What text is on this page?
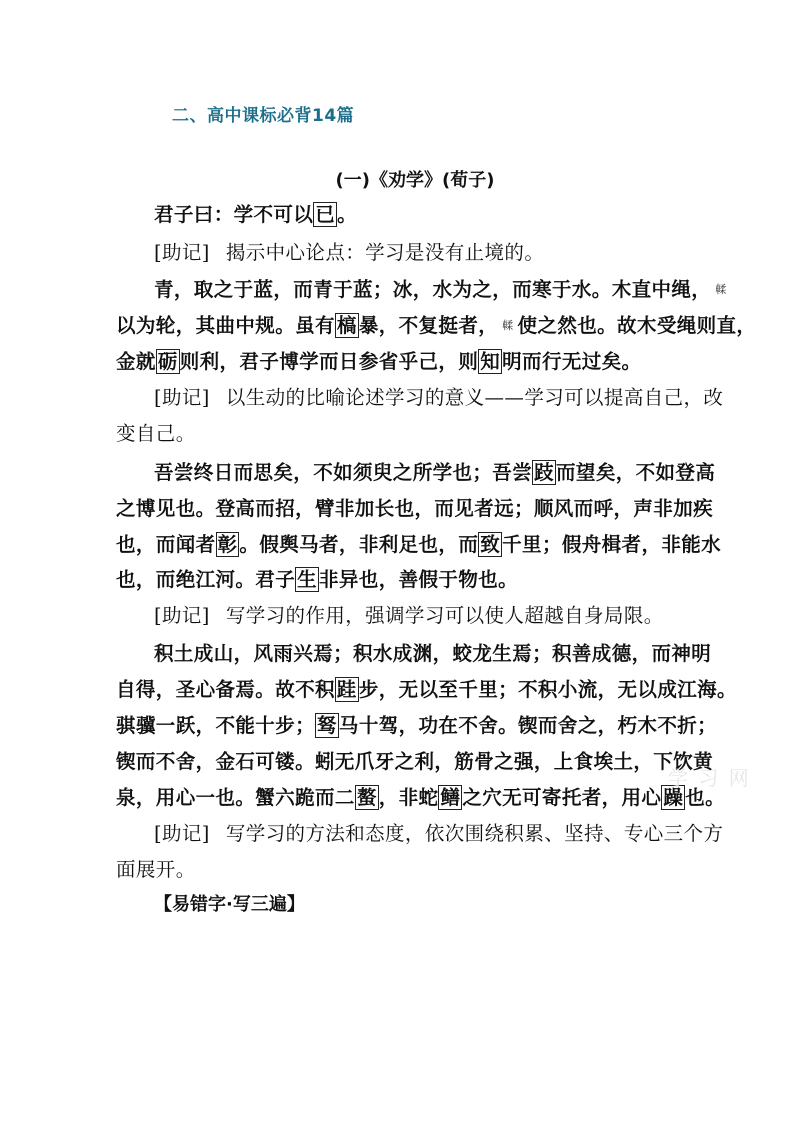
二、高中课标必背14篇
(一)《劝学》(荀子)
君子曰：学不可以 已 。
[助记] 揭示中心论点：学习是没有止境的。
青，取之于蓝，而青于蓝；冰，水为之，而寒于水。木直中绳， 輮
以为轮，其曲中规。虽有 槁 暴，不复挺者， 輮 使之然也。故木受绳则直，
金就 砺 则利，君子博学而日参省乎己，则 知 明而行无过矣。
[助记] 以生动的比喻论述学习的意义——学习可以提高自己，改
变自己。
吾尝终日而思矣，不如须臾之所学也；吾尝 跂 而望矣，不如登高
之博见也。登高而招，臂非加长也，而见者远；顺风而呼，声非加疾
也，而闻者 彰 。假舆马者，非利足也，而 致 千里；假舟楫者，非能水
也，而绝江河。君子 生 非异也，善假于物也。
[助记] 写学习的作用，强调学习可以使人超越自身局限。
积土成山，风雨兴焉；积水成渊，蛟龙生焉；积善成德，而神明
自得，圣心备焉。故不积 跬 步，无以至千里；不积小流，无以成江海。
骐骥一跃，不能十步； 驽 马十驾，功在不舍。锲而舍之，朽木不折；
锲而不舍，金石可镂。蚓无爪牙之利，筋骨之强，上食埃土，下饮黄
泉，用心一也。蟹六跪而二 螯 ，非蛇 鳝 之穴无可寄托者，用心 躁 也。
[助记] 写学习的方法和态度，依次围绕积累、坚持、专心三个方
面展开。
【易错字·写三遍】
学 习 网
